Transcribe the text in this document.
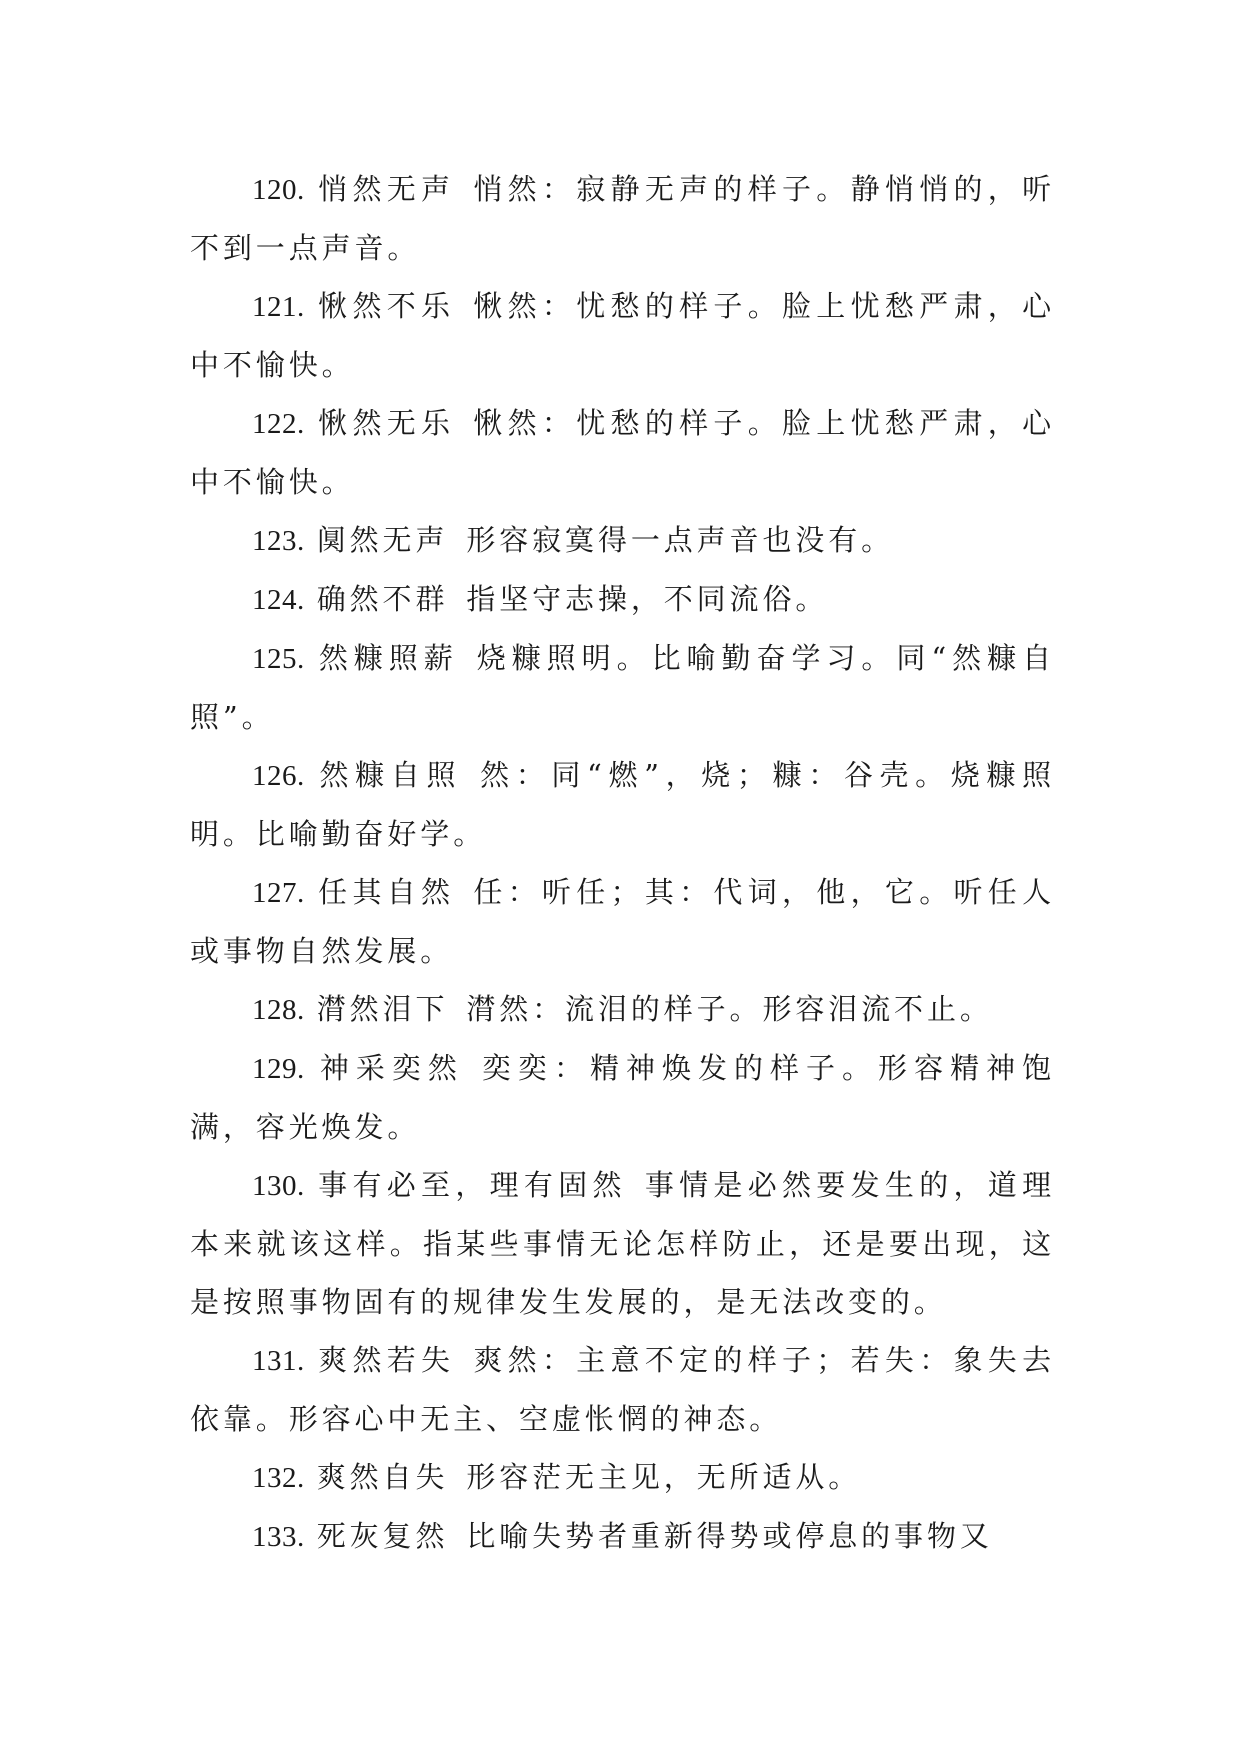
120. 悄然无声 悄然：寂静无声的样子。静悄悄的，听不到一点声音。

121. 愀然不乐 愀然：忧愁的样子。脸上忧愁严肃，心中不愉快。

122. 愀然无乐 愀然：忧愁的样子。脸上忧愁严肃，心中不愉快。

123. 阒然无声 形容寂寞得一点声音也没有。

124. 确然不群 指坚守志操，不同流俗。

125. 然糠照薪 烧糠照明。比喻勤奋学习。同“然糠自照”。

126. 然糠自照 然：同“燃”，烧；糠：谷壳。烧糠照明。比喻勤奋好学。

127. 任其自然 任：听任；其：代词，他，它。听任人或事物自然发展。

128. 潸然泪下 潸然：流泪的样子。形容泪流不止。

129. 神采奕然 奕奕：精神焕发的样子。形容精神饱满，容光焕发。

130. 事有必至，理有固然 事情是必然要发生的，道理本来就该这样。指某些事情无论怎样防止，还是要出现，这是按照事物固有的规律发生发展的，是无法改变的。

131. 爽然若失 爽然：主意不定的样子；若失：象失去依靠。形容心中无主、空虚怅惘的神态。

132. 爽然自失 形容茫无主见，无所适从。

133. 死灰复然 比喻失势者重新得势或停息的事物又
